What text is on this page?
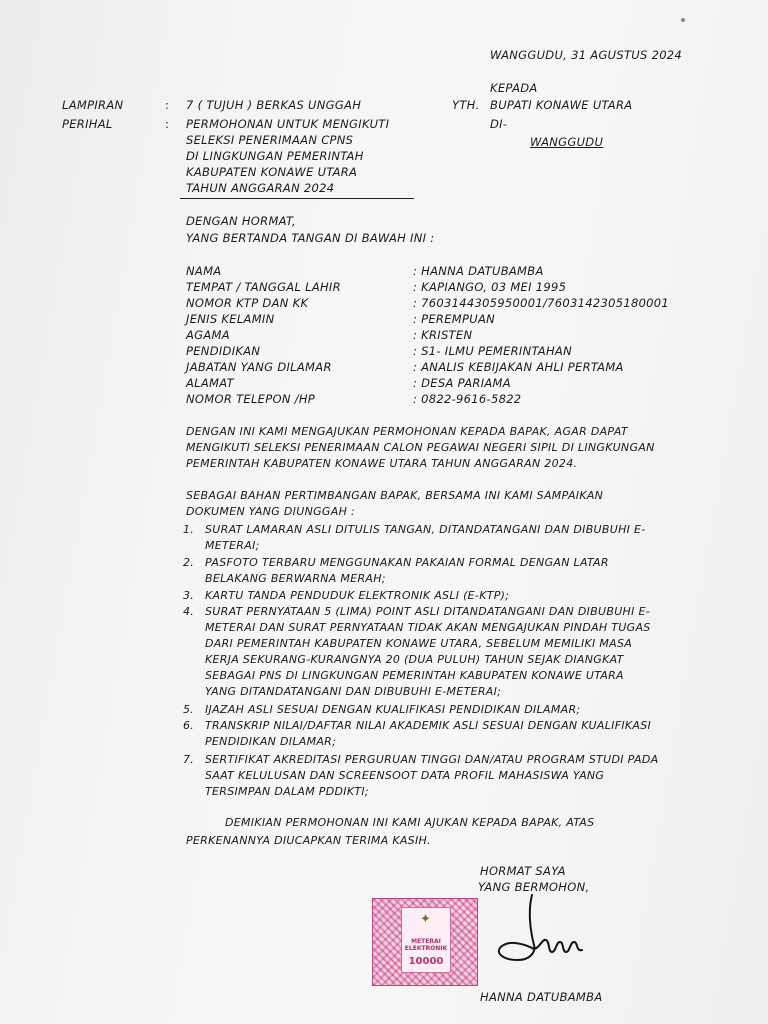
WANGGUDU, 31 AGUSTUS 2024
KEPADA
YTH. BUPATI KONAWE UTARA
DI-
WANGGUDU
LAMPIRAN	: 7 ( TUJUH ) BERKAS UNGGAH
PERIHAL	: PERMOHONAN UNTUK MENGIKUTI
SELEKSI PENERIMAAN CPNS
DI LINGKUNGAN PEMERINTAH
KABUPATEN KONAWE UTARA
TAHUN ANGGARAN 2024
DENGAN HORMAT,
YANG BERTANDA TANGAN DI BAWAH INI :
NAMA	: HANNA DATUBAMBA
TEMPAT / TANGGAL LAHIR	: KAPIANGO, 03 MEI 1995
NOMOR KTP DAN KK	: 7603144305950001/7603142305180001
JENIS KELAMIN	: PEREMPUAN
AGAMA	: KRISTEN
PENDIDIKAN	: S1- ILMU PEMERINTAHAN
JABATAN YANG DILAMAR	: ANALIS KEBIJAKAN AHLI PERTAMA
ALAMAT	: DESA PARIAMA
NOMOR TELEPON /HP	: 0822-9616-5822
DENGAN INI KAMI MENGAJUKAN PERMOHONAN KEPADA BAPAK, AGAR DAPAT
MENGIKUTI SELEKSI PENERIMAAN CALON PEGAWAI NEGERI SIPIL DI LINGKUNGAN
PEMERINTAH KABUPATEN KONAWE UTARA TAHUN ANGGARAN 2024.
SEBAGAI BAHAN PERTIMBANGAN BAPAK, BERSAMA INI KAMI SAMPAIKAN
DOKUMEN YANG DIUNGGAH :
1. SURAT LAMARAN ASLI DITULIS TANGAN, DITANDATANGANI DAN DIBUBUHI E-
METERAI;
2. PASFOTO TERBARU MENGGUNAKAN PAKAIAN FORMAL DENGAN LATAR
BELAKANG BERWARNA MERAH;
3. KARTU TANDA PENDUDUK ELEKTRONIK ASLI (E-KTP);
4. SURAT PERNYATAAN 5 (LIMA) POINT ASLI DITANDATANGANI DAN DIBUBUHI E-
METERAI DAN SURAT PERNYATAAN TIDAK AKAN MENGAJUKAN PINDAH TUGAS
DARI PEMERINTAH KABUPATEN KONAWE UTARA, SEBELUM MEMILIKI MASA
KERJA SEKURANG-KURANGNYA 20 (DUA PULUH) TAHUN SEJAK DIANGKAT
SEBAGAI PNS DI LINGKUNGAN PEMERINTAH KABUPATEN KONAWE UTARA
YANG DITANDATANGANI DAN DIBUBUHI E-METERAI;
5. IJAZAH ASLI SESUAI DENGAN KUALIFIKASI PENDIDIKAN DILAMAR;
6. TRANSKRIP NILAI/DAFTAR NILAI AKADEMIK ASLI SESUAI DENGAN KUALIFIKASI
PENDIDIKAN DILAMAR;
7. SERTIFIKAT AKREDITASI PERGURUAN TINGGI DAN/ATAU PROGRAM STUDI PADA
SAAT KELULUSAN DAN SCREENSOOT DATA PROFIL MAHASISWA YANG
TERSIMPAN DALAM PDDIKTI;
DEMIKIAN PERMOHONAN INI KAMI AJUKAN KEPADA BAPAK, ATAS
PERKENANNYA DIUCAPKAN TERIMA KASIH.
HORMAT SAYA
YANG BERMOHON,
HANNA DATUBAMBA
✦
METERAI ELEKTRONIK
10000
